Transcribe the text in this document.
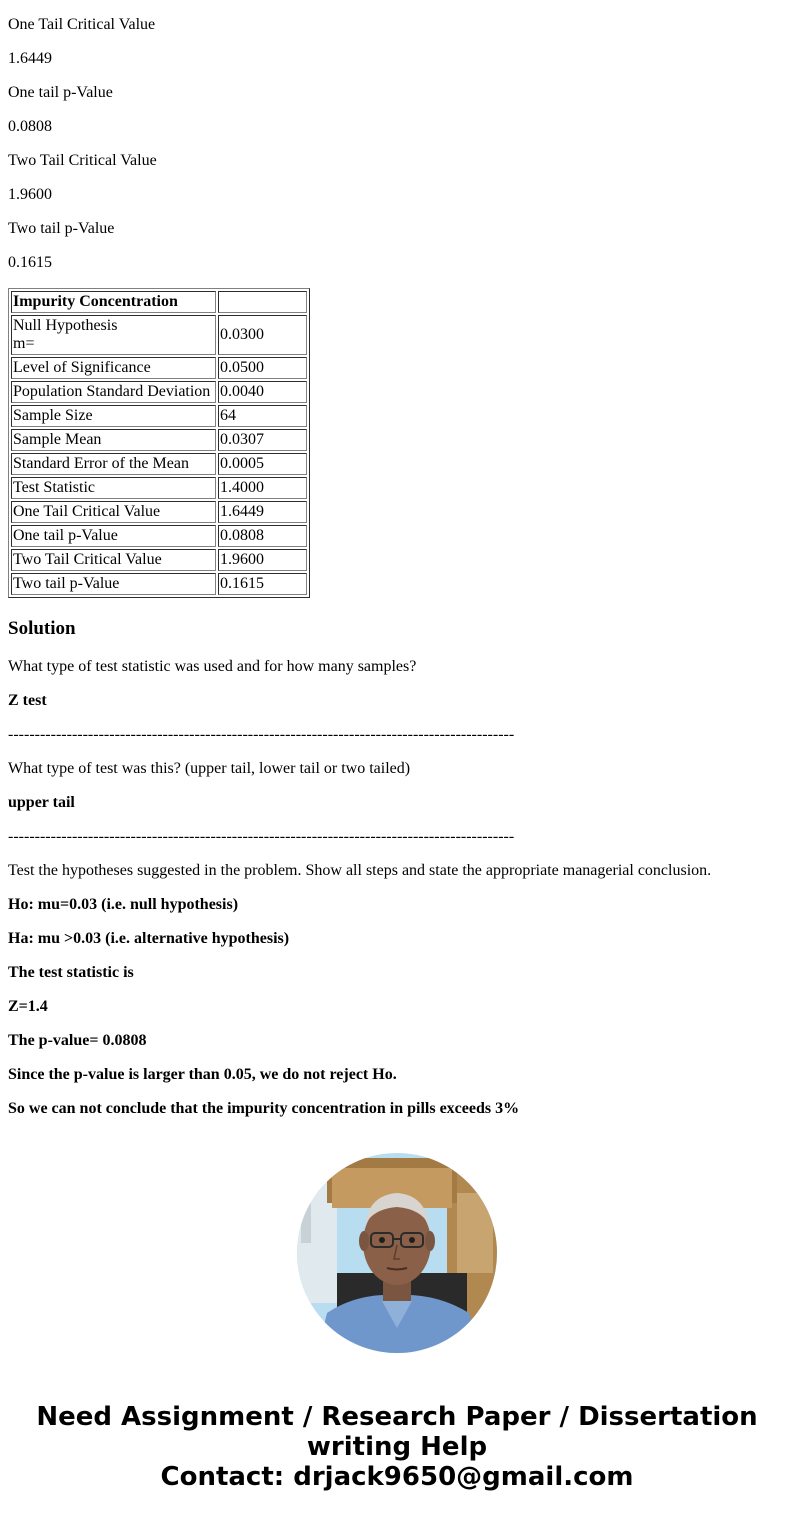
One Tail Critical Value

1.6449

One tail p-Value

0.0808

Two Tail Critical Value

1.9600

Two tail p-Value

0.1615

Impurity Concentration	
Null Hypothesis
m=	0.0300
Level of Significance	0.0500
Population Standard Deviation	0.0040
Sample Size	64
Sample Mean	0.0307
Standard Error of the Mean	0.0005
Test Statistic	1.4000
One Tail Critical Value	1.6449
One tail p-Value	0.0808
Two Tail Critical Value	1.9600
Two tail p-Value	0.1615
Solution

What type of test statistic was used and for how many samples?

Z test

-----------------------------------------------------------------------------------------------

What type of test was this? (upper tail, lower tail or two tailed)

upper tail

-----------------------------------------------------------------------------------------------

Test the hypotheses suggested in the problem. Show all steps and state the appropriate managerial conclusion.

Ho: mu=0.03 (i.e. null hypothesis)

Ha: mu >0.03 (i.e. alternative hypothesis)

The test statistic is

Z=1.4

The p-value= 0.0808

Since the p-value is larger than 0.05, we do not reject Ho.

So we can not conclude that the impurity concentration in pills exceeds 3%

Need Assignment / Research Paper / Dissertation
writing Help
Contact: drjack9650@gmail.com
